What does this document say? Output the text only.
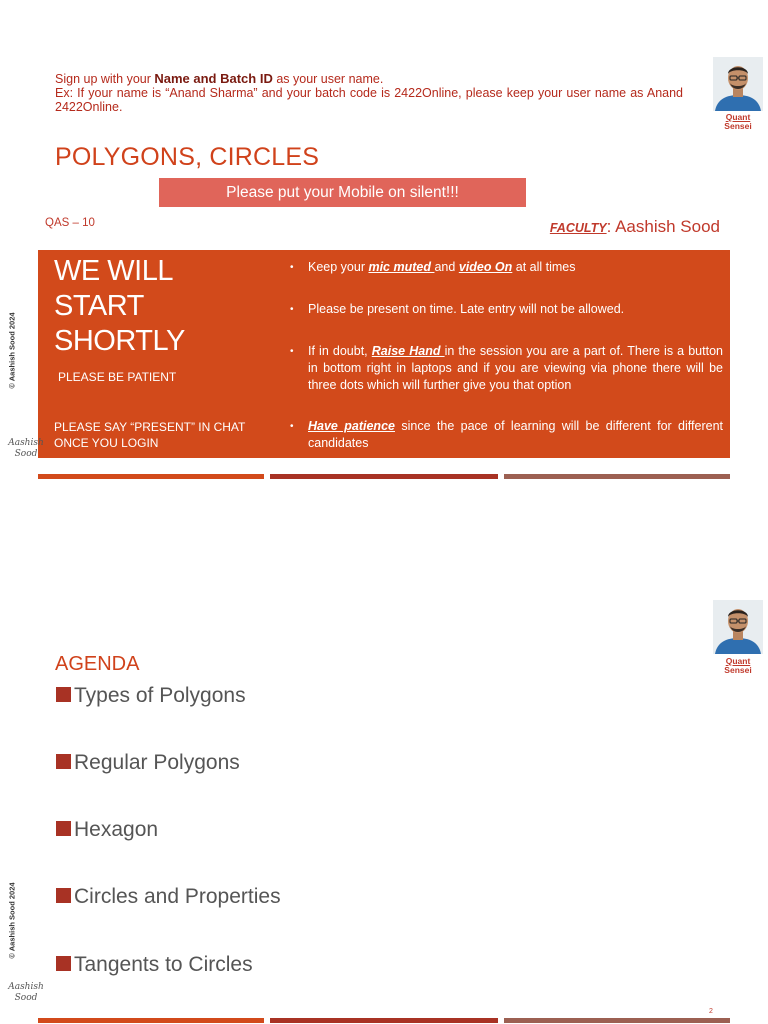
Sign up with your Name and Batch ID as your user name.

Ex: If your name is “Anand Sharma” and your batch code is 2422Online, please keep your user name as Anand 2422Online.

Quant
Sensei
POLYGONS, CIRCLES
Please put your Mobile on silent!!!
QAS – 10	FACULTY: Aashish Sood
WE WILL
START
SHORTLY
PLEASE BE PATIENT
PLEASE SAY “PRESENT” IN CHAT ONCE YOU LOGIN
• Keep your mic muted and video On at all times
• Please be present on time. Late entry will not be allowed.
• If in doubt, Raise Hand in the session you are a part of. There is a button in bottom right in laptops and if you are viewing via phone there will be three dots which will further give you that option
• Have patience since the pace of learning will be different for different candidates
© Aashish Sood 2024
Aashish
Sood
Quant
Sensei
AGENDA
Types of Polygons
Regular Polygons
Hexagon
Circles and Properties
Tangents to Circles
2
© Aashish Sood 2024
Aashish
Sood
